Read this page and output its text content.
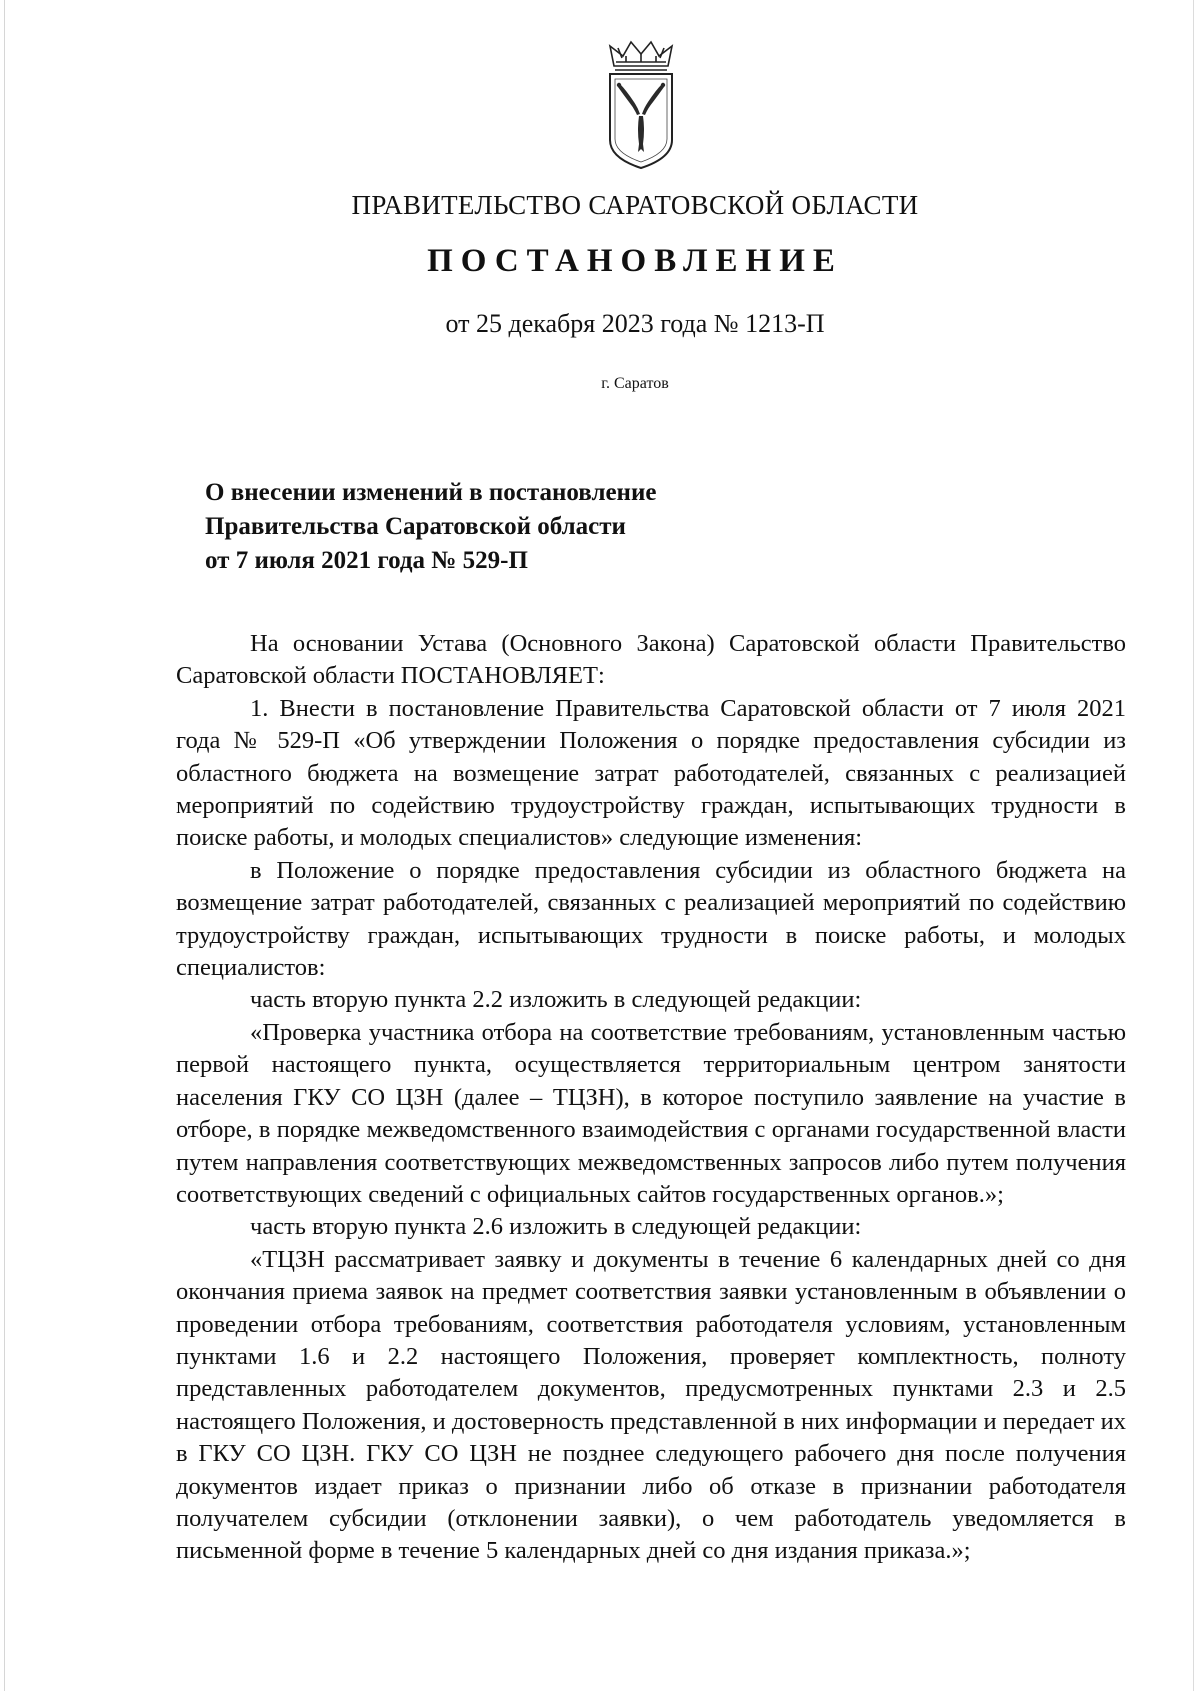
ПРАВИТЕЛЬСТВО САРАТОВСКОЙ ОБЛАСТИ
ПОСТАНОВЛЕНИЕ
от 25 декабря 2023 года № 1213-П
г. Саратов
О внесении изменений в постановление
Правительства Саратовской области
от 7 июля 2021 года № 529-П

На основании Устава (Основного Закона) Саратовской области Правительство Саратовской области ПОСТАНОВЛЯЕТ:

1. Внести в постановление Правительства Саратовской области от 7 июля 2021 года № 529-П «Об утверждении Положения о порядке предоставления субсидии из областного бюджета на возмещение затрат работодателей, связанных с реализацией мероприятий по содействию трудоустройству граждан, испытывающих трудности в поиске работы, и молодых специалистов» следующие изменения:

в Положение о порядке предоставления субсидии из областного бюджета на возмещение затрат работодателей, связанных с реализацией мероприятий по содействию трудоустройству граждан, испытывающих трудности в поиске работы, и молодых специалистов:

часть вторую пункта 2.2 изложить в следующей редакции:

«Проверка участника отбора на соответствие требованиям, установленным частью первой настоящего пункта, осуществляется территориальным центром занятости населения ГКУ СО ЦЗН (далее – ТЦЗН), в которое поступило заявление на участие в отборе, в порядке межведомственного взаимодействия с органами государственной власти путем направления соответствующих межведомственных запросов либо путем получения соответствующих сведений с официальных сайтов государственных органов.»;

часть вторую пункта 2.6 изложить в следующей редакции:

«ТЦЗН рассматривает заявку и документы в течение 6 календарных дней со дня окончания приема заявок на предмет соответствия заявки установленным в объявлении о проведении отбора требованиям, соответствия работодателя условиям, установленным пунктами 1.6 и 2.2 настоящего Положения, проверяет комплектность, полноту представленных работодателем документов, предусмотренных пунктами 2.3 и 2.5 настоящего Положения, и достоверность представленной в них информации и передает их в ГКУ СО ЦЗН. ГКУ СО ЦЗН не позднее следующего рабочего дня после получения документов издает приказ о признании либо об отказе в признании работодателя получателем субсидии (отклонении заявки), о чем работодатель уведомляется в письменной форме в течение 5 календарных дней со дня издания приказа.»;
